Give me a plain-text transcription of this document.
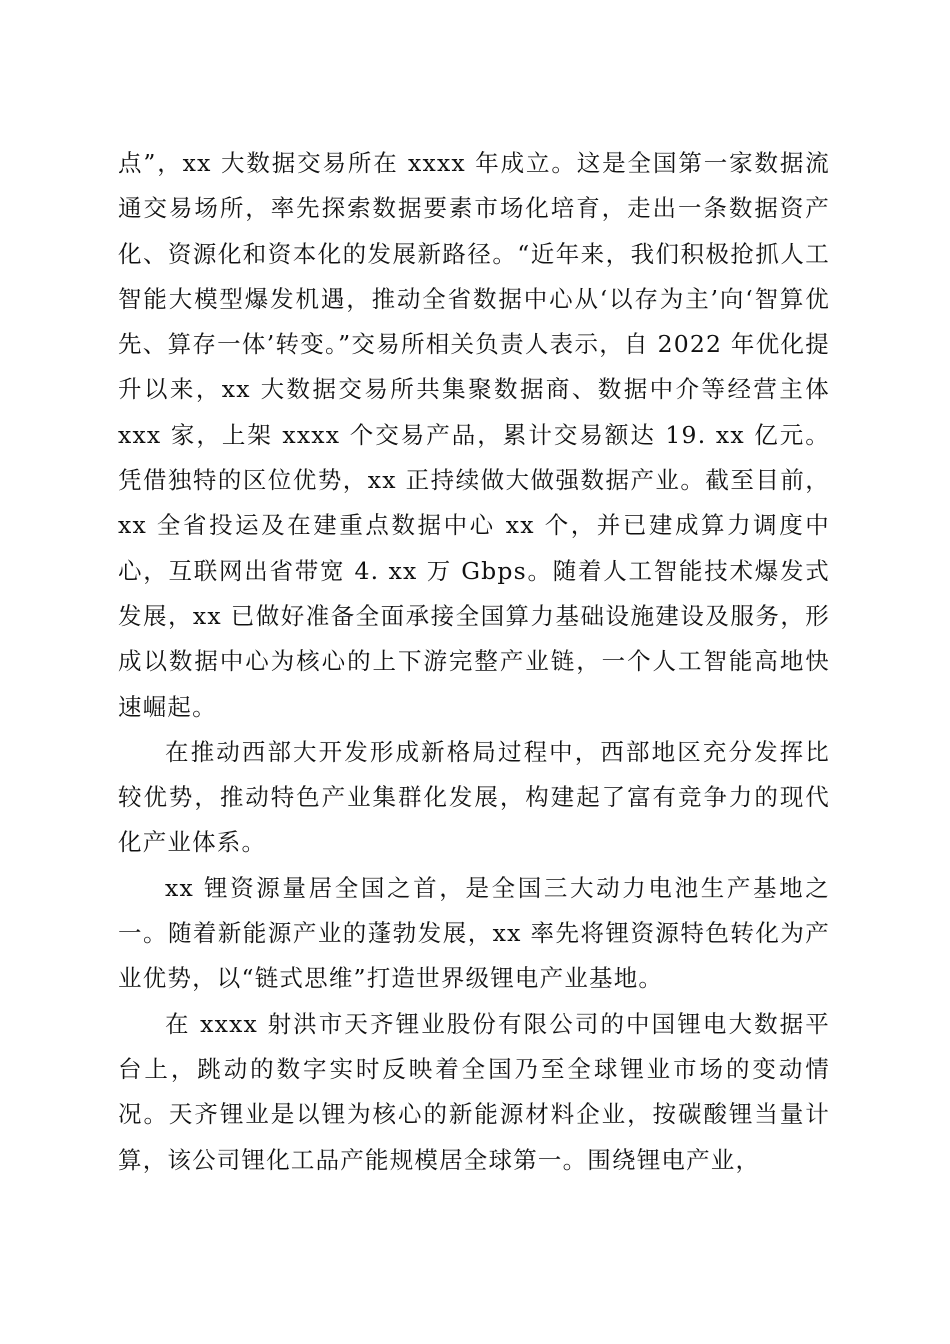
点”，xx 大数据交易所在 xxxx 年成立。这是全国第一家数据流通交易场所，率先探索数据要素市场化培育，走出一条数据资产化、资源化和资本化的发展新路径。“近年来，我们积极抢抓人工智能大模型爆发机遇，推动全省数据中心从‘以存为主’向‘智算优先、算存一体’转变。”交易所相关负责人表示，自 2022 年优化提升以来，xx 大数据交易所共集聚数据商、数据中介等经营主体 xxx 家，上架 xxxx 个交易产品，累计交易额达 19. xx 亿元。凭借独特的区位优势，xx 正持续做大做强数据产业。截至目前，xx 全省投运及在建重点数据中心 xx 个，并已建成算力调度中心，互联网出省带宽 4. xx 万 Gbps。随着人工智能技术爆发式发展，xx 已做好准备全面承接全国算力基础设施建设及服务，形成以数据中心为核心的上下游完整产业链，一个人工智能高地快速崛起。

在推动西部大开发形成新格局过程中，西部地区充分发挥比较优势，推动特色产业集群化发展，构建起了富有竞争力的现代化产业体系。

xx 锂资源量居全国之首，是全国三大动力电池生产基地之一。随着新能源产业的蓬勃发展，xx 率先将锂资源特色转化为产业优势，以“链式思维”打造世界级锂电产业基地。

在 xxxx 射洪市天齐锂业股份有限公司的中国锂电大数据平台上，跳动的数字实时反映着全国乃至全球锂业市场的变动情况。天齐锂业是以锂为核心的新能源材料企业，按碳酸锂当量计算，该公司锂化工品产能规模居全球第一。围绕锂电产业，
